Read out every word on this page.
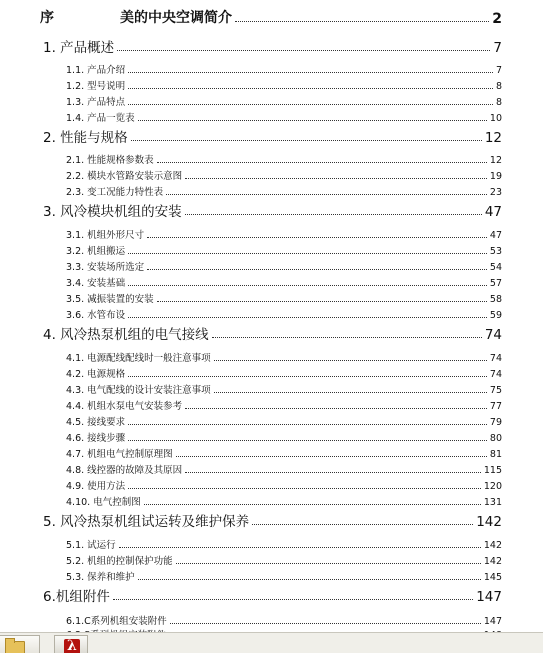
序	美的中央空调简介	2
1. 产品概述	7
1.1. 产品介绍	7
1.2. 型号说明	8
1.3. 产品特点	8
1.4. 产品一览表	10
2. 性能与规格	12
2.1. 性能规格参数表	12
2.2. 模块水管路安装示意图	19
2.3. 变工况能力特性表	23
3. 风冷模块机组的安装	47
3.1. 机组外形尺寸	47
3.2. 机组搬运	53
3.3. 安装场所选定	54
3.4. 安装基础	57
3.5. 减振装置的安装	58
3.6. 水管布设	59
4. 风冷热泵机组的电气接线	74
4.1. 电源配线配线时一般注意事项	74
4.2. 电源规格	74
4.3. 电气配线的设计安装注意事项	75
4.4. 机组水泵电气安装参考	77
4.5. 接线要求	79
4.6. 接线步骤	80
4.7. 机组电气控制原理图	81
4.8. 线控器的故障及其原因	115
4.9. 使用方法	120
4.10. 电气控制图	131
5. 风冷热泵机组试运转及维护保养	142
5.1. 试运行	142
5.2. 机组的控制保护功能	142
5.3. 保养和维护	145
6.机组附件	147
6.1.C系列机组安装附件	147
λ
